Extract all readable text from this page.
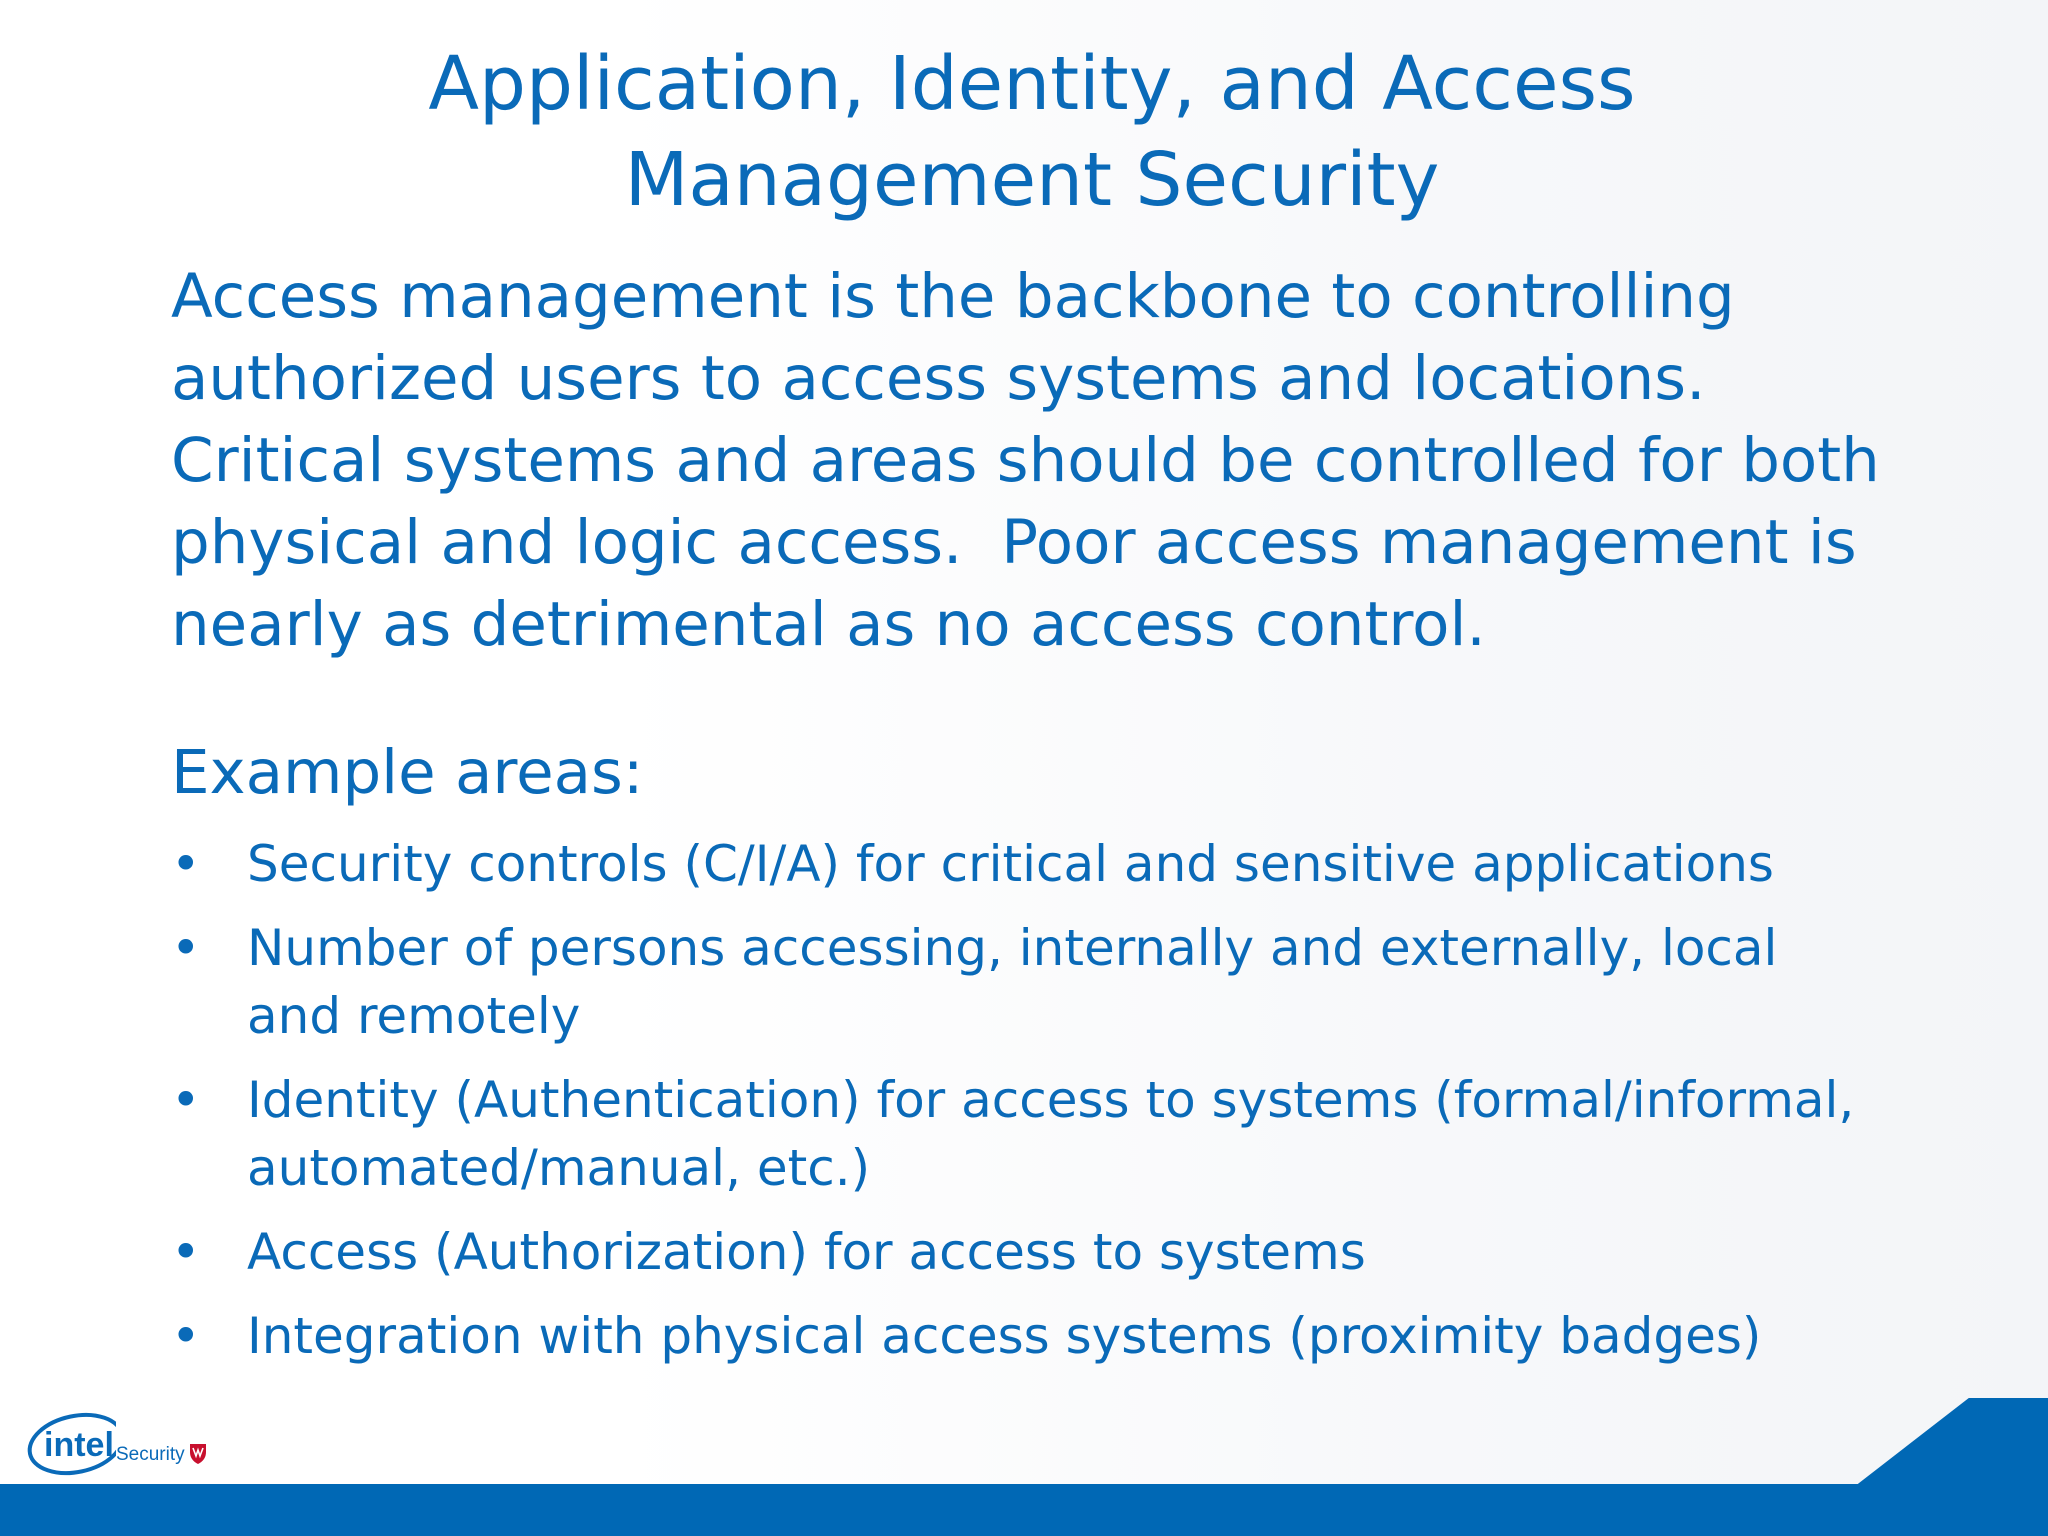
Application, Identity, and Access
Management Security

Access management is the backbone to controlling
authorized users to access systems and locations.
Critical systems and areas should be controlled for both
physical and logic access.  Poor access management is
nearly as detrimental as no access control.

Example areas:

• Security controls (C/I/A) for critical and sensitive applications
• Number of persons accessing, internally and externally, local
and remotely
• Identity (Authentication) for access to systems (formal/informal,
automated/manual, etc.)
• Access (Authorization) for access to systems
• Integration with physical access systems (proximity badges)
intel Security
